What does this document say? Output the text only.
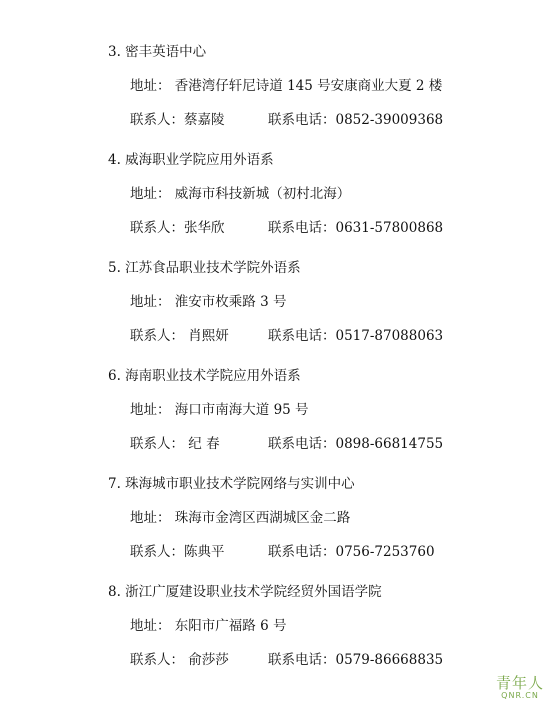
3. 密丰英语中心
地址： 香港湾仔轩尼诗道 145 号安康商业大夏 2 楼
联系人：蔡嘉陵	联系电话：0852-39009368
4. 威海职业学院应用外语系
地址： 威海市科技新城（初村北海）
联系人：张华欣	联系电话：0631-57800868
5. 江苏食品职业技术学院外语系
地址： 淮安市枚乘路 3 号
联系人： 肖熙妍	联系电话：0517-87088063
6. 海南职业技术学院应用外语系
地址： 海口市南海大道 95 号
联系人： 纪 春	联系电话：0898-66814755
7. 珠海城市职业技术学院网络与实训中心
地址： 珠海市金湾区西湖城区金二路
联系人：陈典平	联系电话：0756-7253760
8. 浙江广厦建设职业技术学院经贸外国语学院
地址： 东阳市广福路 6 号
联系人： 俞莎莎	联系电话：0579-86668835
青年人
QNR.CN
